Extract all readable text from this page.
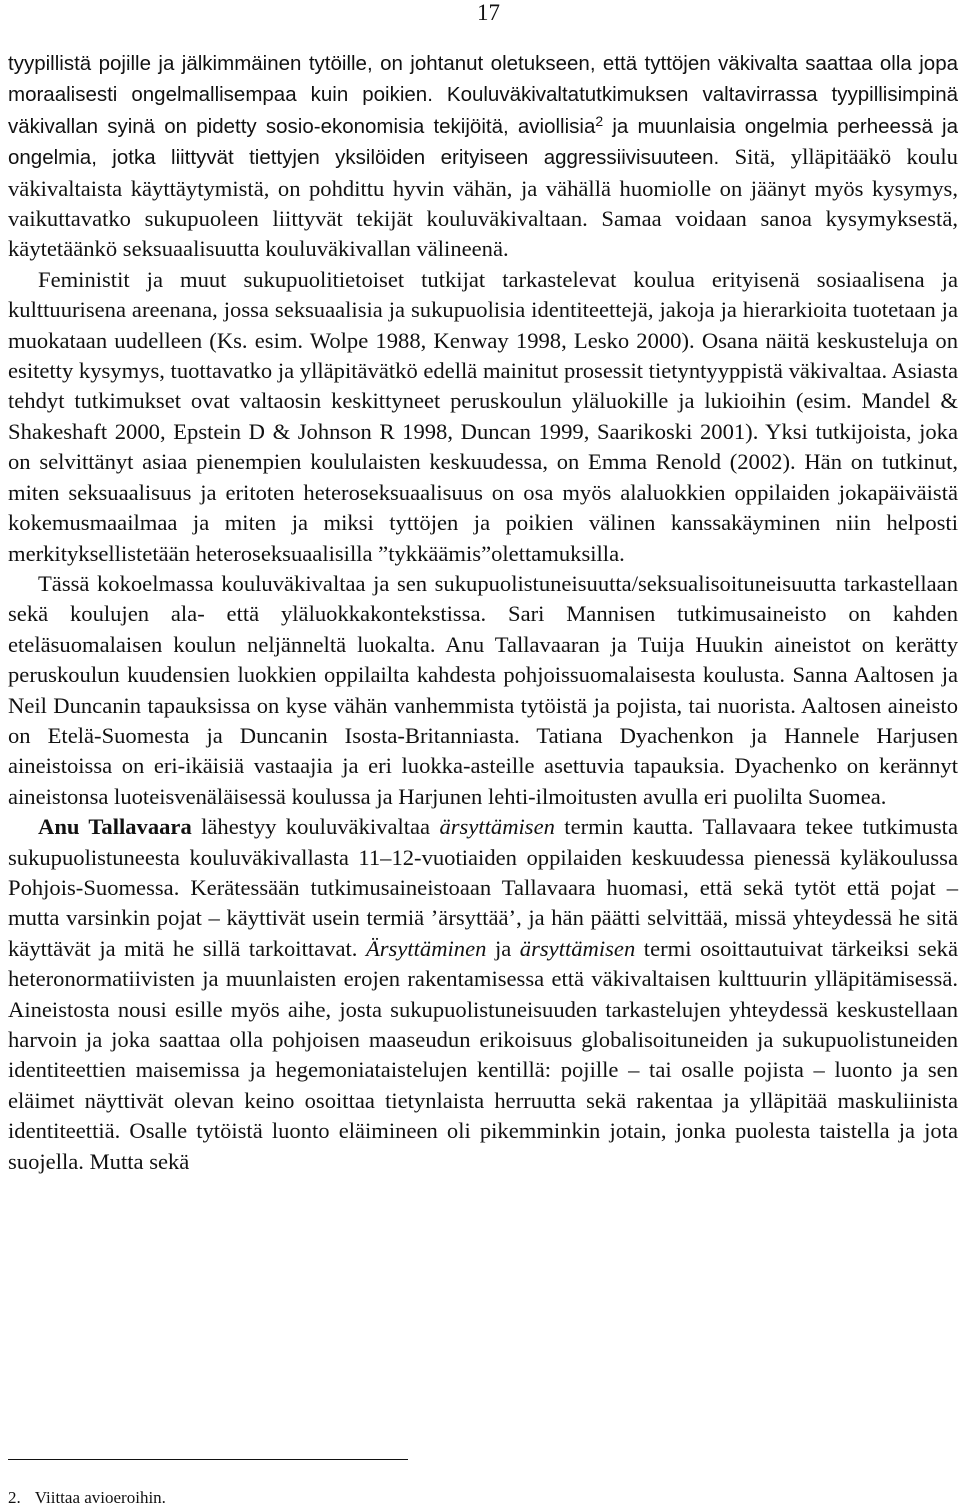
17

tyypillistä pojille ja jälkimmäinen tytöille, on johtanut oletukseen, että tyttöjen väkivalta saattaa olla jopa moraalisesti ongelmallisempaa kuin poikien. Kouluväkivaltatutkimuksen valtavirrassa tyypillisimpinä väkivallan syinä on pidetty sosio-ekonomisia tekijöitä, aviollisia$^2$ ja muunlaisia ongelmia perheessä ja ongelmia, jotka liittyvät tiettyjen yksilöiden erityiseen aggressiivisuuteen. Sitä, ylläpitääkö koulu väkivaltaista käyttäytymistä, on pohdittu hyvin vähän, ja vähällä huomiolle on jäänyt myös kysymys, vaikuttavatko sukupuoleen liittyvät tekijät kouluväkivaltaan. Samaa voidaan sanoa kysymyksestä, käytetäänkö seksuaalisuutta kouluväkivallan välineenä.

Feministit ja muut sukupuolitietoiset tutkijat tarkastelevat koulua erityisenä sosiaalisena ja kulttuurisena areenana, jossa seksuaalisia ja sukupuolisia identiteettejä, jakoja ja hierarkioita tuotetaan ja muokataan uudelleen (Ks. esim. Wolpe 1988, Kenway 1998, Lesko 2000). Osana näitä keskusteluja on esitetty kysymys, tuottavatko ja ylläpitävätkö edellä mainitut prosessit tietyntyyppistä väkivaltaa. Asiasta tehdyt tutkimukset ovat valtaosin keskittyneet peruskoulun yläluokille ja lukioihin (esim. Mandel & Shakeshaft 2000, Epstein D & Johnson R 1998, Duncan 1999, Saarikoski 2001). Yksi tutkijoista, joka on selvittänyt asiaa pienempien koululaisten keskuudessa, on Emma Renold (2002). Hän on tutkinut, miten seksuaalisuus ja eritoten heteroseksuaalisuus on osa myös alaluokkien oppilaiden jokapäiväistä kokemusmaailmaa ja miten ja miksi tyttöjen ja poikien välinen kanssakäyminen niin helposti merkityksellistetään heteroseksuaalisilla ”tykkäämis”olettamuksilla.

Tässä kokoelmassa kouluväkivaltaa ja sen sukupuolistuneisuutta/seksualisoituneisuutta tarkastellaan sekä koulujen ala- että yläluokkakontekstissa. Sari Mannisen tutkimusaineisto on kahden eteläsuomalaisen koulun neljänneltä luokalta. Anu Tallavaaran ja Tuija Huukin aineistot on kerätty peruskoulun kuudensien luokkien oppilailta kahdesta pohjoissuomalaisesta koulusta. Sanna Aaltosen ja Neil Duncanin tapauksissa on kyse vähän vanhemmista tytöistä ja pojista, tai nuorista. Aaltosen aineisto on Etelä-Suomesta ja Duncanin Isosta-Britanniasta. Tatiana Dyachenkon ja Hannele Harjusen aineistoissa on eri-ikäisiä vastaajia ja eri luokka-asteille asettuvia tapauksia. Dyachenko on kerännyt aineistonsa luoteisvenäläisessä koulussa ja Harjunen lehti-ilmoitusten avulla eri puolilta Suomea.

Anu Tallavaara lähestyy kouluväkivaltaa ärsyttämisen termin kautta. Tallavaara tekee tutkimusta sukupuolistuneesta kouluväkivallasta 11–12-vuotiaiden oppilaiden keskuudessa pienessä kyläkoulussa Pohjois-Suomessa. Kerätessään tutkimusaineistoaan Tallavaara huomasi, että sekä tytöt että pojat – mutta varsinkin pojat – käyttivät usein termiä ’ärsyttää’, ja hän päätti selvittää, missä yhteydessä he sitä käyttävät ja mitä he sillä tarkoittavat. Ärsyttäminen ja ärsyttämisen termi osoittautuivat tärkeiksi sekä heteronormatiivisten ja muunlaisten erojen rakentamisessa että väkivaltaisen kulttuurin ylläpitämisessä. Aineistosta nousi esille myös aihe, josta sukupuolistuneisuuden tarkastelujen yhteydessä keskustellaan harvoin ja joka saattaa olla pohjoisen maaseudun erikoisuus globalisoituneiden ja sukupuolistuneiden identiteettien maisemissa ja hegemoniataistelujen kentillä: pojille – tai osalle pojista – luonto ja sen eläimet näyttivät olevan keino osoittaa tietynlaista herruutta sekä rakentaa ja ylläpitää maskuliinista identiteettiä. Osalle tytöistä luonto eläimineen oli pikemminkin jotain, jonka puolesta taistella ja jota suojella. Mutta sekä

2. Viittaa avioeroihin.
